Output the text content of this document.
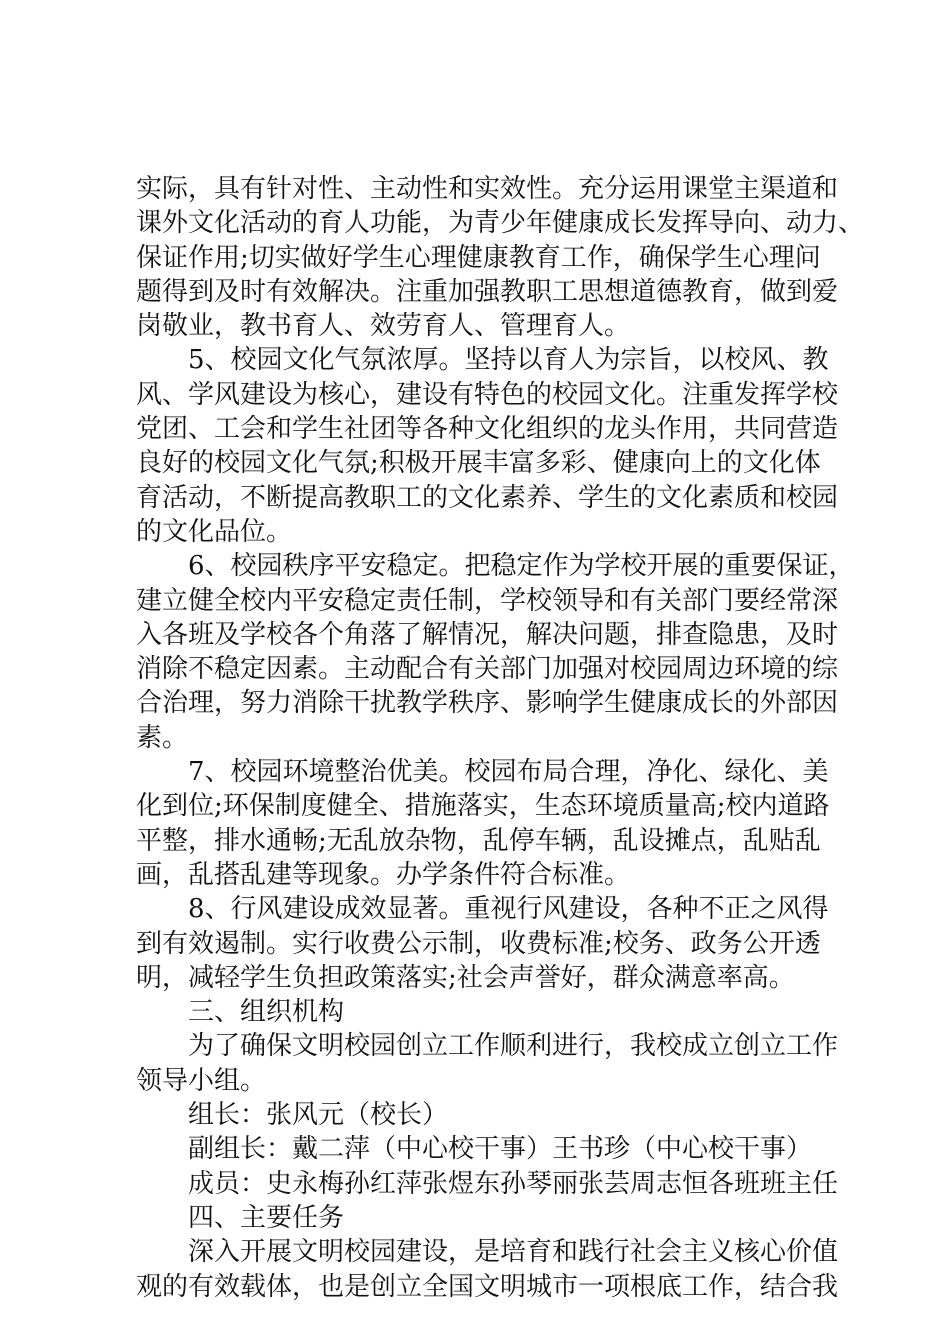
实际，具有针对性、主动性和实效性。充分运用课堂主渠道和
课外文化活动的育人功能，为青少年健康成长发挥导向、动力、
保证作用;切实做好学生心理健康教育工作，确保学生心理问
题得到及时有效解决。注重加强教职工思想道德教育，做到爱
岗敬业，教书育人、效劳育人、管理育人。
5、校园文化气氛浓厚。坚持以育人为宗旨，以校风、教
风、学风建设为核心，建设有特色的校园文化。注重发挥学校
党团、工会和学生社团等各种文化组织的龙头作用，共同营造
良好的校园文化气氛;积极开展丰富多彩、健康向上的文化体
育活动，不断提高教职工的文化素养、学生的文化素质和校园
的文化品位。
6、校园秩序平安稳定。把稳定作为学校开展的重要保证，
建立健全校内平安稳定责任制，学校领导和有关部门要经常深
入各班及学校各个角落了解情况，解决问题，排查隐患，及时
消除不稳定因素。主动配合有关部门加强对校园周边环境的综
合治理，努力消除干扰教学秩序、影响学生健康成长的外部因
素。
7、校园环境整治优美。校园布局合理，净化、绿化、美
化到位;环保制度健全、措施落实，生态环境质量高;校内道路
平整，排水通畅;无乱放杂物，乱停车辆，乱设摊点，乱贴乱
画，乱搭乱建等现象。办学条件符合标准。
8、行风建设成效显著。重视行风建设，各种不正之风得
到有效遏制。实行收费公示制，收费标准;校务、政务公开透
明，减轻学生负担政策落实;社会声誉好，群众满意率高。
三、组织机构
为了确保文明校园创立工作顺利进行，我校成立创立工作
领导小组。
组长：张风元（校长）
副组长：戴二萍（中心校干事）王书珍（中心校干事）
成员：史永梅孙红萍张煜东孙琴丽张芸周志恒各班班主任
四、主要任务
深入开展文明校园建设，是培育和践行社会主义核心价值
观的有效载体，也是创立全国文明城市一项根底工作，结合我
